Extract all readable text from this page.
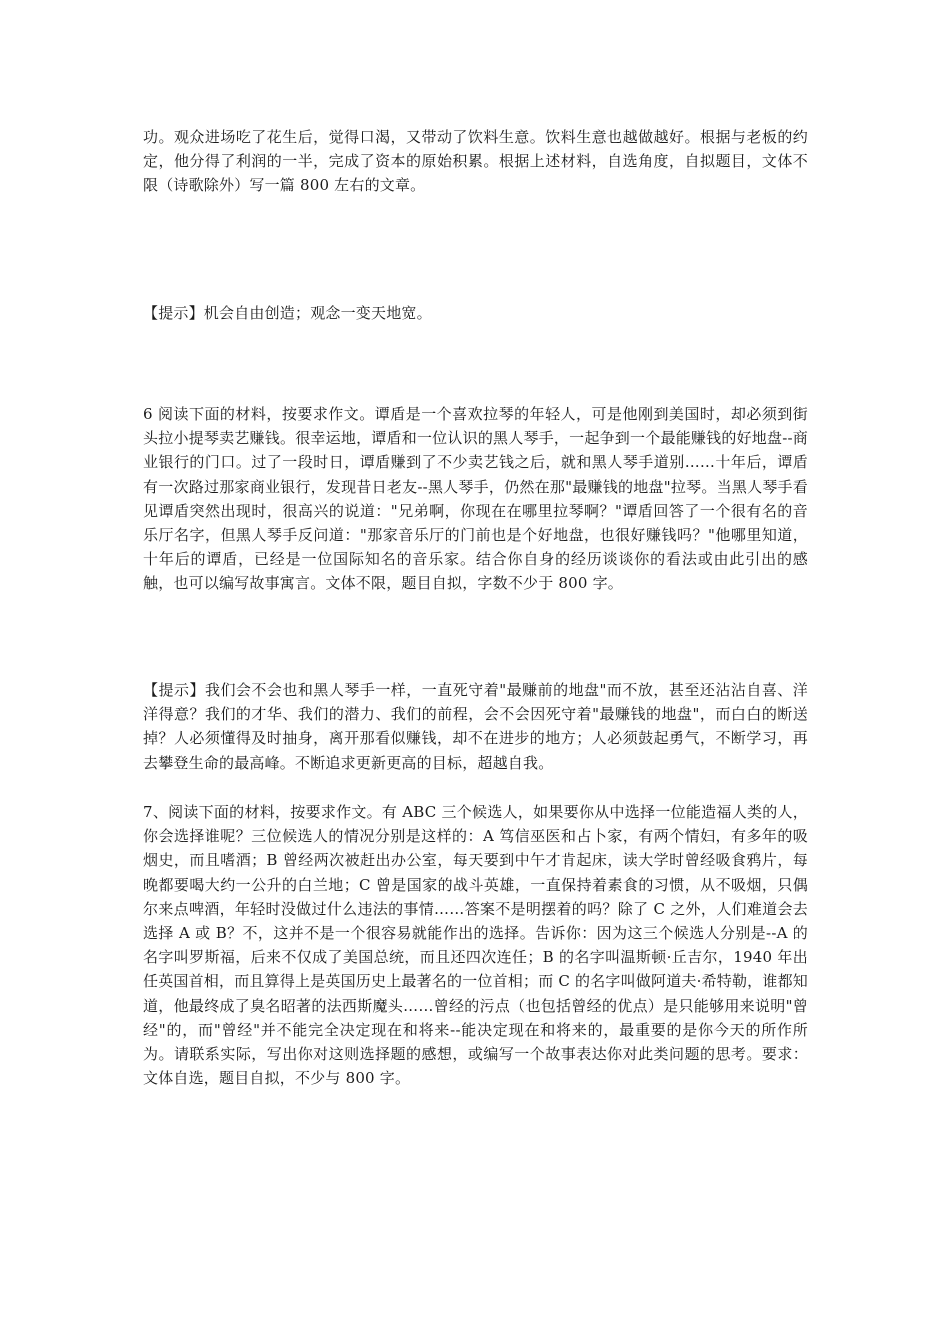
功。观众进场吃了花生后，觉得口渴，又带动了饮料生意。饮料生意也越做越好。根据与老板的约定，他分得了利润的一半，完成了资本的原始积累。根据上述材料，自选角度，自拟题目，文体不限（诗歌除外）写一篇 800 左右的文章。

【提示】机会自由创造；观念一变天地宽。

6 阅读下面的材料，按要求作文。谭盾是一个喜欢拉琴的年轻人，可是他刚到美国时，却必须到街头拉小提琴卖艺赚钱。很幸运地，谭盾和一位认识的黑人琴手，一起争到一个最能赚钱的好地盘--商业银行的门口。过了一段时日，谭盾赚到了不少卖艺钱之后，就和黑人琴手道别……十年后，谭盾有一次路过那家商业银行，发现昔日老友--黑人琴手，仍然在那"最赚钱的地盘"拉琴。当黑人琴手看见谭盾突然出现时，很高兴的说道："兄弟啊，你现在在哪里拉琴啊？"谭盾回答了一个很有名的音乐厅名字，但黑人琴手反问道："那家音乐厅的门前也是个好地盘，也很好赚钱吗？"他哪里知道，十年后的谭盾，已经是一位国际知名的音乐家。结合你自身的经历谈谈你的看法或由此引出的感触，也可以编写故事寓言。文体不限，题目自拟，字数不少于 800 字。

【提示】我们会不会也和黑人琴手一样，一直死守着"最赚前的地盘"而不放，甚至还沾沾自喜、洋洋得意？我们的才华、我们的潜力、我们的前程，会不会因死守着"最赚钱的地盘"，而白白的断送掉？人必须懂得及时抽身，离开那看似赚钱，却不在进步的地方；人必须鼓起勇气，不断学习，再去攀登生命的最高峰。不断追求更新更高的目标，超越自我。

7、阅读下面的材料，按要求作文。有 ABC 三个候选人，如果要你从中选择一位能造福人类的人，你会选择谁呢？三位候选人的情况分别是这样的：A 笃信巫医和占卜家，有两个情妇，有多年的吸烟史，而且嗜酒；B 曾经两次被赶出办公室，每天要到中午才肯起床，读大学时曾经吸食鸦片，每晚都要喝大约一公升的白兰地；C 曾是国家的战斗英雄，一直保持着素食的习惯，从不吸烟，只偶尔来点啤酒，年轻时没做过什么违法的事情……答案不是明摆着的吗？除了 C 之外，人们难道会去选择 A 或 B？不，这并不是一个很容易就能作出的选择。告诉你：因为这三个候选人分别是--A 的名字叫罗斯福，后来不仅成了美国总统，而且还四次连任；B 的名字叫温斯顿·丘吉尔，1940 年出任英国首相，而且算得上是英国历史上最著名的一位首相；而 C 的名字叫做阿道夫·希特勒，谁都知道，他最终成了臭名昭著的法西斯魔头……曾经的污点（也包括曾经的优点）是只能够用来说明"曾经"的，而"曾经"并不能完全决定现在和将来--能决定现在和将来的，最重要的是你今天的所作所为。请联系实际，写出你对这则选择题的感想，或编写一个故事表达你对此类问题的思考。要求：文体自选，题目自拟，不少与 800 字。
